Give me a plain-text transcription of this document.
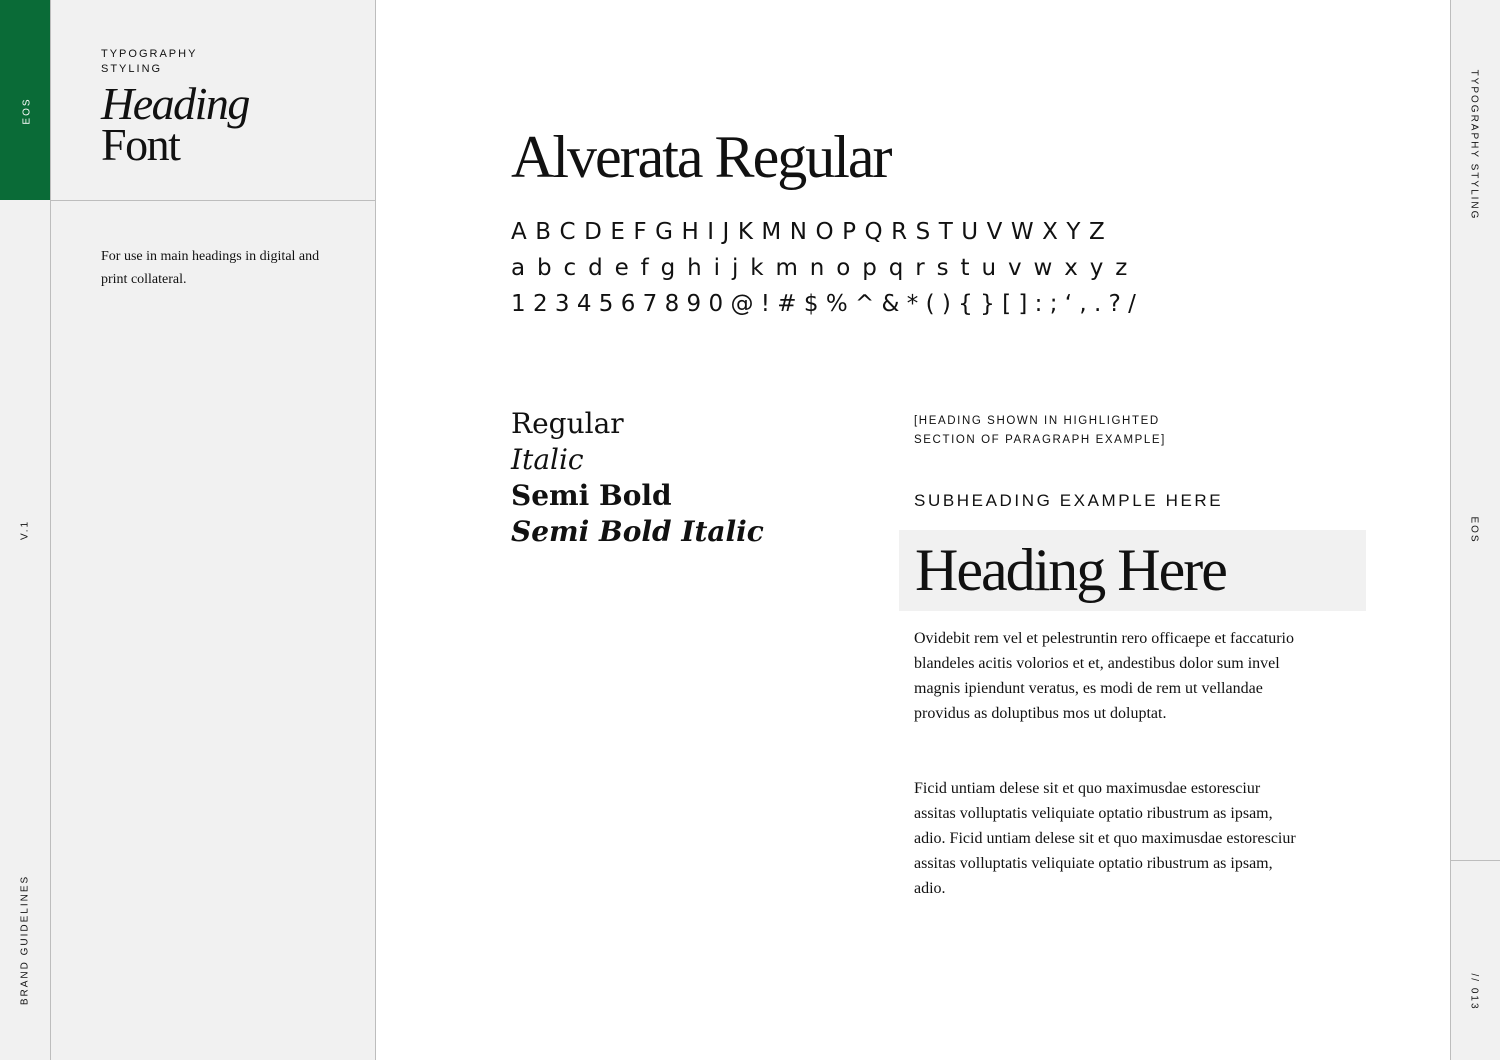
EOS
V.1
BRAND GUIDELINES
TYPOGRAPHY
STYLING
Heading
Font
For use in main headings in digital and print collateral.
Alverata Regular
A B C D E F G H I J K M N O P Q R S T U V W X Y Z
a b c d e f g h i j k m n o p q r s t u v w x y z
1 2 3 4 5 6 7 8 9 0 @ ! # $ % ^ & * ( ) { } [ ] : ; ‘ , . ? /
Regular
Italic
Semi Bold
Semi Bold Italic
[HEADING SHOWN IN HIGHLIGHTED
SECTION OF PARAGRAPH EXAMPLE]
SUBHEADING EXAMPLE HERE
Heading Here
Ovidebit rem vel et pelestruntin rero officaepe et faccaturio blandeles acitis volorios et et, andestibus dolor sum invel magnis ipiendunt veratus, es modi de rem ut vellandae providus as doluptibus mos ut doluptat.
Ficid untiam delese sit et quo maximusdae estoresciur assitas volluptatis veliquiate optatio ribustrum as ipsam, adio. Ficid untiam delese sit et quo maximusdae estoresciur assitas volluptatis veliquiate optatio ribustrum as ipsam, adio.
TYPOGRAPHY STYLING
EOS
// 013
